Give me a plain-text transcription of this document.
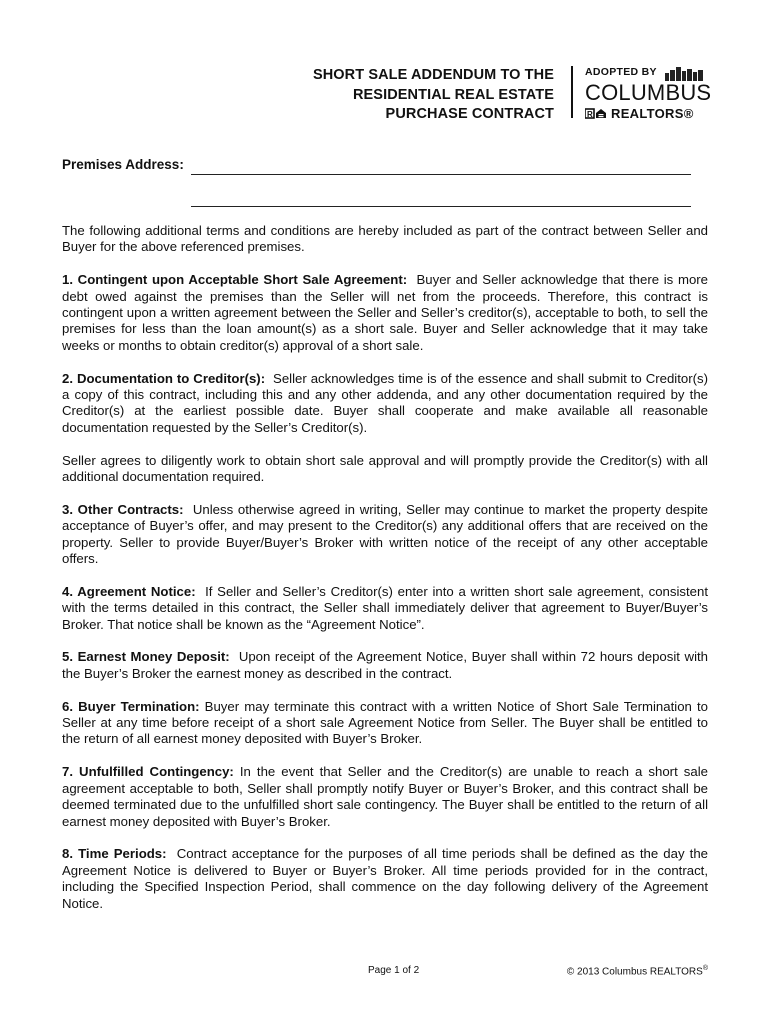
SHORT SALE ADDENDUM TO THE
RESIDENTIAL REAL ESTATE
PURCHASE CONTRACT
ADOPTED BY
COLUMBUS
R REALTORS®
Premises Address:

The following additional terms and conditions are hereby included as part of the contract between Seller and Buyer for the above referenced premises.

1. Contingent upon Acceptable Short Sale Agreement: Buyer and Seller acknowledge that there is more debt owed against the premises than the Seller will net from the proceeds. Therefore, this contract is contingent upon a written agreement between the Seller and Seller’s creditor(s), acceptable to both, to sell the premises for less than the loan amount(s) as a short sale. Buyer and Seller acknowledge that it may take weeks or months to obtain creditor(s) approval of a short sale.

2. Documentation to Creditor(s): Seller acknowledges time is of the essence and shall submit to Creditor(s) a copy of this contract, including this and any other addenda, and any other documentation required by the Creditor(s) at the earliest possible date. Buyer shall cooperate and make available all reasonable documentation requested by the Seller’s Creditor(s).

Seller agrees to diligently work to obtain short sale approval and will promptly provide the Creditor(s) with all additional documentation required.

3. Other Contracts: Unless otherwise agreed in writing, Seller may continue to market the property despite acceptance of Buyer’s offer, and may present to the Creditor(s) any additional offers that are received on the property. Seller to provide Buyer/Buyer’s Broker with written notice of the receipt of any other acceptable offers.

4. Agreement Notice: If Seller and Seller’s Creditor(s) enter into a written short sale agreement, consistent with the terms detailed in this contract, the Seller shall immediately deliver that agreement to Buyer/Buyer’s Broker. That notice shall be known as the “Agreement Notice”.

5. Earnest Money Deposit: Upon receipt of the Agreement Notice, Buyer shall within 72 hours deposit with the Buyer’s Broker the earnest money as described in the contract.

6. Buyer Termination: Buyer may terminate this contract with a written Notice of Short Sale Termination to Seller at any time before receipt of a short sale Agreement Notice from Seller. The Buyer shall be entitled to the return of all earnest money deposited with Buyer’s Broker.

7. Unfulfilled Contingency: In the event that Seller and the Creditor(s) are unable to reach a short sale agreement acceptable to both, Seller shall promptly notify Buyer or Buyer’s Broker, and this contract shall be deemed terminated due to the unfulfilled short sale contingency. The Buyer shall be entitled to the return of all earnest money deposited with Buyer’s Broker.

8. Time Periods: Contract acceptance for the purposes of all time periods shall be defined as the day the Agreement Notice is delivered to Buyer or Buyer’s Broker. All time periods provided for in the contract, including the Specified Inspection Period, shall commence on the day following delivery of the Agreement Notice.

Page 1 of 2	© 2013 Columbus REALTORS®
